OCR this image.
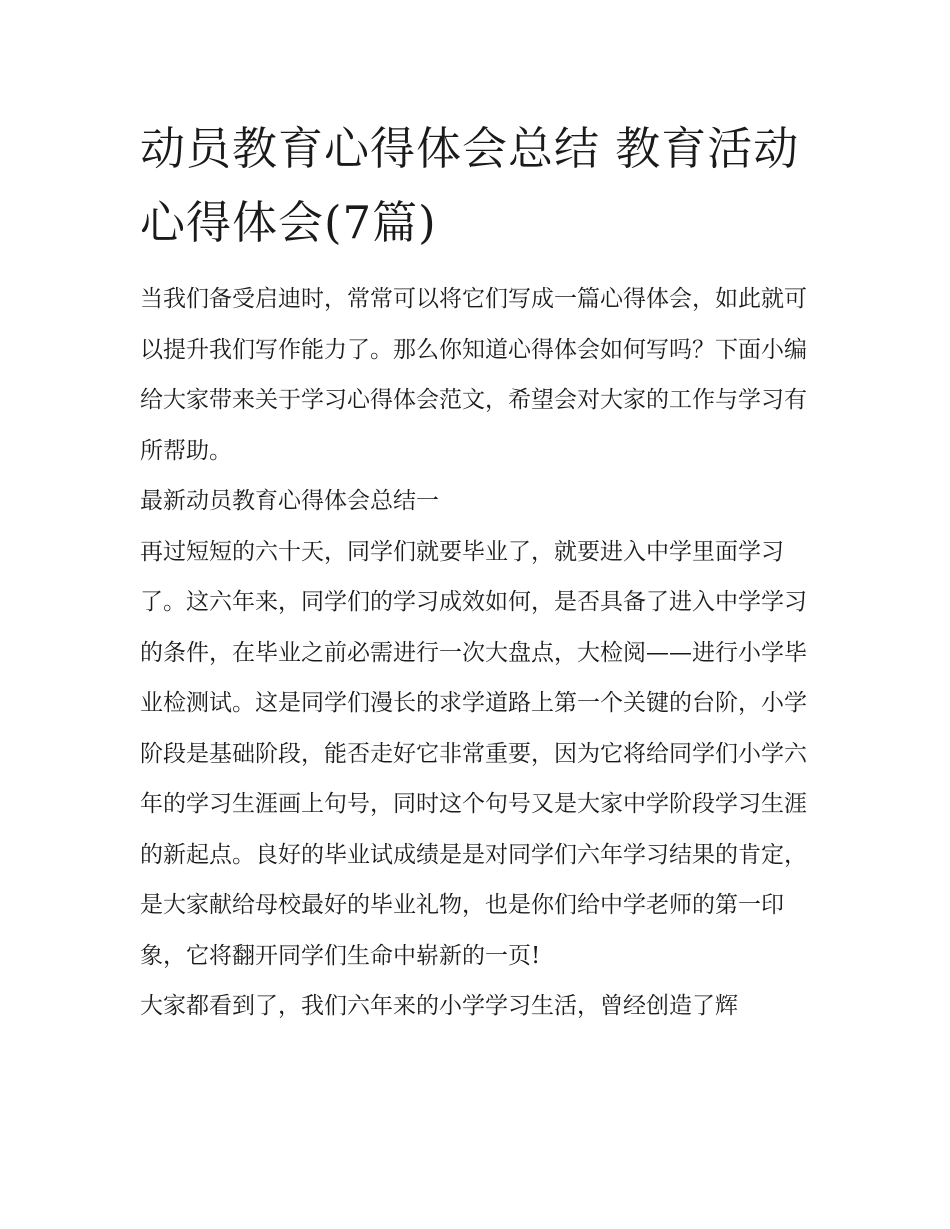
动员教育心得体会总结 教育活动心得体会(7篇)

当我们备受启迪时，常常可以将它们写成一篇心得体会，如此就可以提升我们写作能力了。那么你知道心得体会如何写吗？下面小编给大家带来关于学习心得体会范文，希望会对大家的工作与学习有所帮助。

最新动员教育心得体会总结一

再过短短的六十天，同学们就要毕业了，就要进入中学里面学习了。这六年来，同学们的学习成效如何，是否具备了进入中学学习的条件，在毕业之前必需进行一次大盘点，大检阅——进行小学毕业检测试。这是同学们漫长的求学道路上第一个关键的台阶，小学阶段是基础阶段，能否走好它非常重要，因为它将给同学们小学六年的学习生涯画上句号，同时这个句号又是大家中学阶段学习生涯的新起点。良好的毕业试成绩是是对同学们六年学习结果的肯定，是大家献给母校最好的毕业礼物，也是你们给中学老师的第一印象，它将翻开同学们生命中崭新的一页!

大家都看到了，我们六年来的小学学习生活，曾经创造了辉
